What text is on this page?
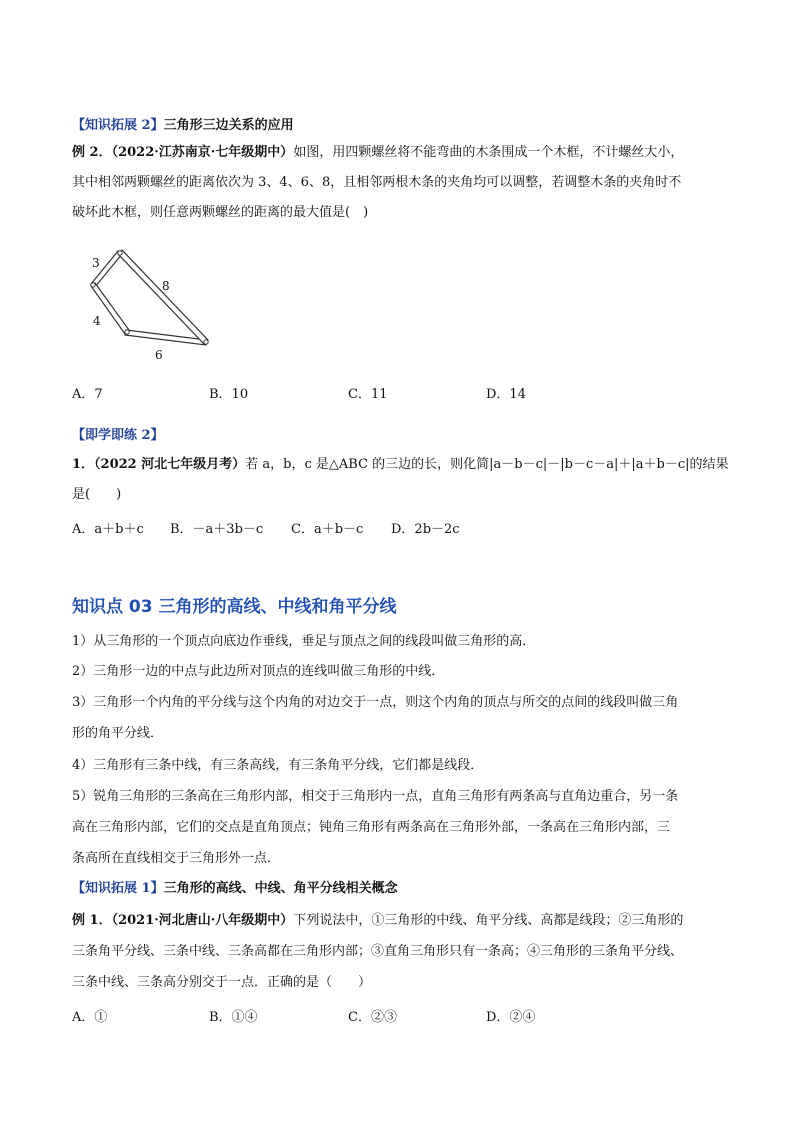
【知识拓展 2】三角形三边关系的应用
例 2．（2022·江苏南京·七年级期中）如图，用四颗螺丝将不能弯曲的木条围成一个木框，不计螺丝大小，
其中相邻两颗螺丝的距离依次为 3、4、6、8，且相邻两根木条的夹角均可以调整，若调整木条的夹角时不
破坏此木框，则任意两颗螺丝的距离的最大值是(　)
3
4
6
8
A．7	B．10	C．11	D．14
【即学即练 2】
1．（2022 河北七年级月考）若 a，b，c 是△ABC 的三边的长，则化简|a－b－c|－|b－c－a|＋|a＋b－c|的结果
是(　　)
A．a＋b＋c B．－a＋3b－c C．a＋b－c D．2b－2c
知识点 03 三角形的高线、中线和角平分线
1）从三角形的一个顶点向底边作垂线，垂足与顶点之间的线段叫做三角形的高．
2）三角形一边的中点与此边所对顶点的连线叫做三角形的中线．
3）三角形一个内角的平分线与这个内角的对边交于一点，则这个内角的顶点与所交的点间的线段叫做三角
形的角平分线．
4）三角形有三条中线，有三条高线，有三条角平分线，它们都是线段．
5）锐角三角形的三条高在三角形内部，相交于三角形内一点，直角三角形有两条高与直角边重合，另一条
高在三角形内部，它们的交点是直角顶点；钝角三角形有两条高在三角形外部，一条高在三角形内部，三
条高所在直线相交于三角形外一点．
【知识拓展 1】三角形的高线、中线、角平分线相关概念
例 1．（2021·河北唐山·八年级期中）下列说法中，①三角形的中线、角平分线、高都是线段；②三角形的
三条角平分线、三条中线、三条高都在三角形内部；③直角三角形只有一条高；④三角形的三条角平分线、
三条中线、三条高分别交于一点．正确的是（　　）
A．①	B．①④	C．②③	D．②④
